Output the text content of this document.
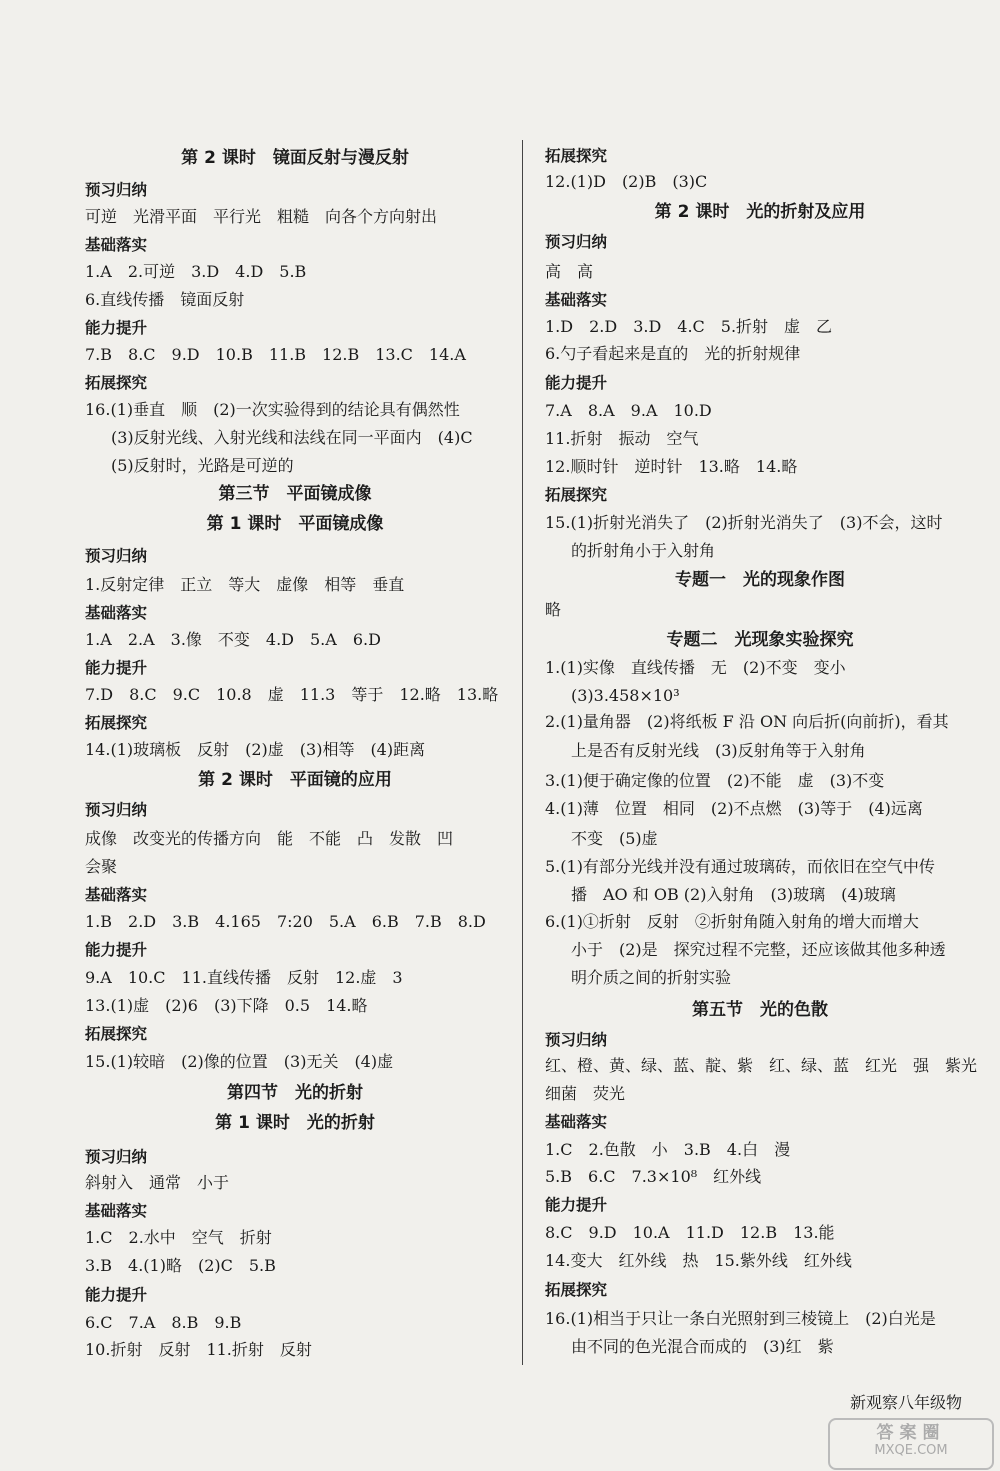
第 2 课时　镜面反射与漫反射
预习归纳
可逆　光滑平面　平行光　粗糙　向各个方向射出
基础落实
1.A　2.可逆　3.D　4.D　5.B
6.直线传播　镜面反射
能力提升
7.B　8.C　9.D　10.B　11.B　12.B　13.C　14.A
拓展探究
16.(1)垂直　顺　(2)一次实验得到的结论具有偶然性
(3)反射光线、入射光线和法线在同一平面内　(4)C
(5)反射时，光路是可逆的
第三节　平面镜成像
第 1 课时　平面镜成像
预习归纳
1.反射定律　正立　等大　虚像　相等　垂直
基础落实
1.A　2.A　3.像　不变　4.D　5.A　6.D
能力提升
7.D　8.C　9.C　10.8　虚　11.3　等于　12.略　13.略
拓展探究
14.(1)玻璃板　反射　(2)虚　(3)相等　(4)距离
第 2 课时　平面镜的应用
预习归纳
成像　改变光的传播方向　能　不能　凸　发散　凹
会聚
基础落实
1.B　2.D　3.B　4.165　7:20　5.A　6.B　7.B　8.D
能力提升
9.A　10.C　11.直线传播　反射　12.虚　3
13.(1)虚　(2)6　(3)下降　0.5　14.略
拓展探究
15.(1)较暗　(2)像的位置　(3)无关　(4)虚
第四节　光的折射
第 1 课时　光的折射
预习归纳
斜射入　通常　小于
基础落实
1.C　2.水中　空气　折射
3.B　4.(1)略　(2)C　5.B
能力提升
6.C　7.A　8.B　9.B
10.折射　反射　11.折射　反射
拓展探究
12.(1)D　(2)B　(3)C
第 2 课时　光的折射及应用
预习归纳
高　高
基础落实
1.D　2.D　3.D　4.C　5.折射　虚　乙
6.勺子看起来是直的　光的折射规律
能力提升
7.A　8.A　9.A　10.D
11.折射　振动　空气
12.顺时针　逆时针　13.略　14.略
拓展探究
15.(1)折射光消失了　(2)折射光消失了　(3)不会，这时
的折射角小于入射角
专题一　光的现象作图
略
专题二　光现象实验探究
1.(1)实像　直线传播　无　(2)不变　变小
(3)3.458×10³
2.(1)量角器　(2)将纸板 F 沿 ON 向后折(向前折)，看其
上是否有反射光线　(3)反射角等于入射角
3.(1)便于确定像的位置　(2)不能　虚　(3)不变
4.(1)薄　位置　相同　(2)不点燃　(3)等于　(4)远离
不变　(5)虚
5.(1)有部分光线并没有通过玻璃砖，而依旧在空气中传
播　AO 和 OB (2)入射角　(3)玻璃　(4)玻璃
6.(1)①折射　反射　②折射角随入射角的增大而增大
小于　(2)是　探究过程不完整，还应该做其他多种透
明介质之间的折射实验
第五节　光的色散
预习归纳
红、橙、黄、绿、蓝、靛、紫　红、绿、蓝　红光　强　紫光
细菌　荧光
基础落实
1.C　2.色散　小　3.B　4.白　漫
5.B　6.C　7.3×10⁸　红外线
能力提升
8.C　9.D　10.A　11.D　12.B　13.能
14.变大　红外线　热　15.紫外线　红外线
拓展探究
16.(1)相当于只让一条白光照射到三棱镜上　(2)白光是
由不同的色光混合而成的　(3)红　紫
新观察八年级物
答案圈
MXQE.COM
